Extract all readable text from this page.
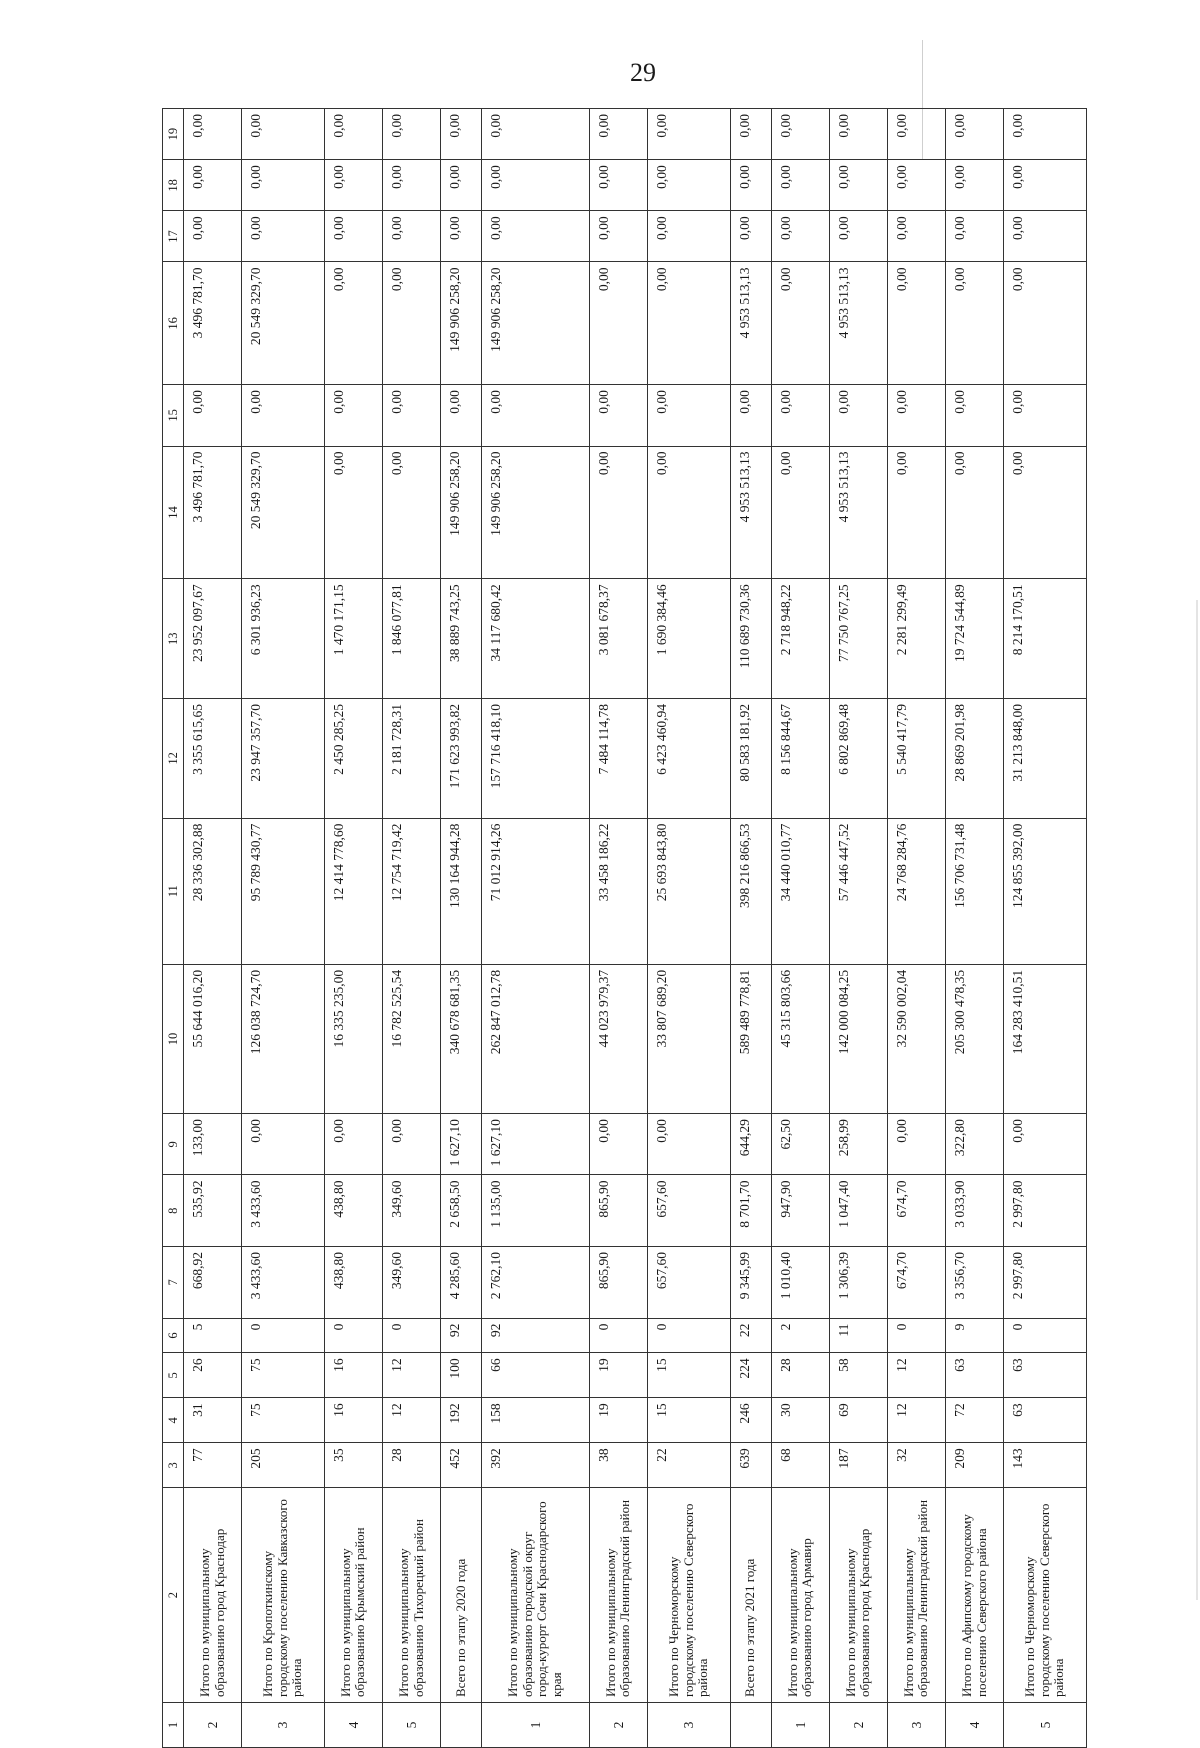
29
1	2	3	4	5	6	7	8	9	10	11	12	13	14	15	16	17	18	19
2	Итого по муниципальному образованию город Краснодар	77	31	26	5	668,92	535,92	133,00	55 644 016,20	28 336 302,88	3 355 615,65	23 952 097,67	3 496 781,70	0,00	3 496 781,70	0,00	0,00	0,00
3	Итого по Кропоткинскому городскому поселению Кавказского района	205	75	75	0	3 433,60	3 433,60	0,00	126 038 724,70	95 789 430,77	23 947 357,70	6 301 936,23	20 549 329,70	0,00	20 549 329,70	0,00	0,00	0,00
4	Итого по муниципальному образованию Крымский район	35	16	16	0	438,80	438,80	0,00	16 335 235,00	12 414 778,60	2 450 285,25	1 470 171,15	0,00	0,00	0,00	0,00	0,00	0,00
5	Итого по муниципальному образованию Тихорецкий район	28	12	12	0	349,60	349,60	0,00	16 782 525,54	12 754 719,42	2 181 728,31	1 846 077,81	0,00	0,00	0,00	0,00	0,00	0,00
	Всего по этапу 2020 года	452	192	100	92	4 285,60	2 658,50	1 627,10	340 678 681,35	130 164 944,28	171 623 993,82	38 889 743,25	149 906 258,20	0,00	149 906 258,20	0,00	0,00	0,00
1	Итого по муниципальному образованию городской округ город-курорт Сочи Краснодарского края	392	158	66	92	2 762,10	1 135,00	1 627,10	262 847 012,78	71 012 914,26	157 716 418,10	34 117 680,42	149 906 258,20	0,00	149 906 258,20	0,00	0,00	0,00
2	Итого по муниципальному образованию Ленинградский район	38	19	19	0	865,90	865,90	0,00	44 023 979,37	33 458 186,22	7 484 114,78	3 081 678,37	0,00	0,00	0,00	0,00	0,00	0,00
3	Итого по Черноморскому городскому поселению Северского района	22	15	15	0	657,60	657,60	0,00	33 807 689,20	25 693 843,80	6 423 460,94	1 690 384,46	0,00	0,00	0,00	0,00	0,00	0,00
	Всего по этапу 2021 года	639	246	224	22	9 345,99	8 701,70	644,29	589 489 778,81	398 216 866,53	80 583 181,92	110 689 730,36	4 953 513,13	0,00	4 953 513,13	0,00	0,00	0,00
1	Итого по муниципальному образованию город Армавир	68	30	28	2	1 010,40	947,90	62,50	45 315 803,66	34 440 010,77	8 156 844,67	2 718 948,22	0,00	0,00	0,00	0,00	0,00	0,00
2	Итого по муниципальному образованию город Краснодар	187	69	58	11	1 306,39	1 047,40	258,99	142 000 084,25	57 446 447,52	6 802 869,48	77 750 767,25	4 953 513,13	0,00	4 953 513,13	0,00	0,00	0,00
3	Итого по муниципальному образованию Ленинградский район	32	12	12	0	674,70	674,70	0,00	32 590 002,04	24 768 284,76	5 540 417,79	2 281 299,49	0,00	0,00	0,00	0,00	0,00	0,00
4	Итого по Афипскому городскому поселению Северского района	209	72	63	9	3 356,70	3 033,90	322,80	205 300 478,35	156 706 731,48	28 869 201,98	19 724 544,89	0,00	0,00	0,00	0,00	0,00	0,00
5	Итого по Черноморскому городскому поселению Северского района	143	63	63	0	2 997,80	2 997,80	0,00	164 283 410,51	124 855 392,00	31 213 848,00	8 214 170,51	0,00	0,00	0,00	0,00	0,00	0,00
